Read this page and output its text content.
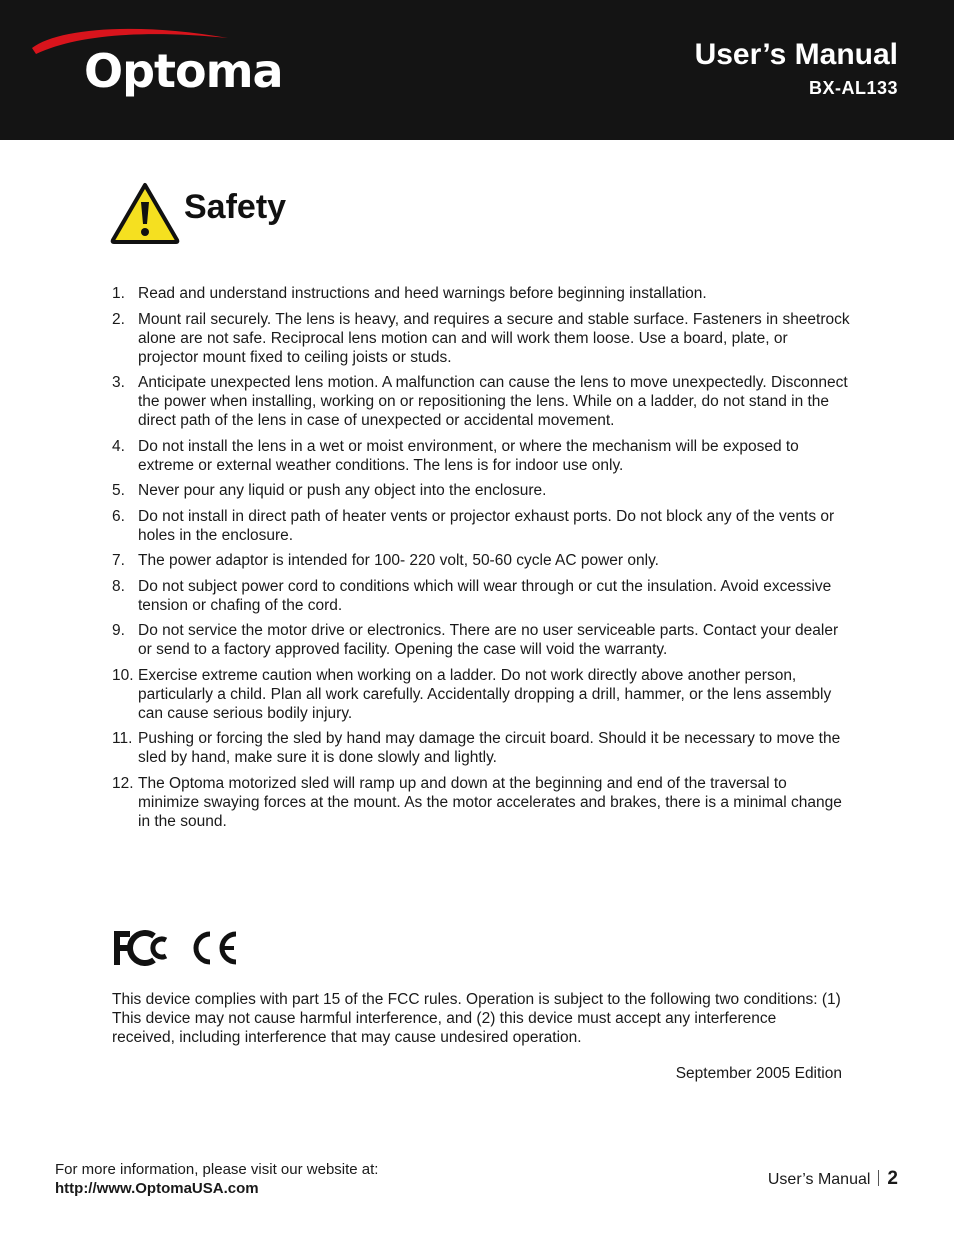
Optoma	User’s Manual
BX-AL133
Safety
1. Read and understand instructions and heed warnings before beginning installation.
2. Mount rail securely. The lens is heavy, and requires a secure and stable surface. Fasteners in sheetrock alone are not safe. Reciprocal lens motion can and will work them loose. Use a board, plate, or projector mount fixed to ceiling joists or studs.
3. Anticipate unexpected lens motion. A malfunction can cause the lens to move unexpectedly. Disconnect the power when installing, working on or repositioning the lens. While on a ladder, do not stand in the direct path of the lens in case of unexpected or accidental movement.
4. Do not install the lens in a wet or moist environment, or where the mechanism will be exposed to extreme or external weather conditions. The lens is for indoor use only.
5. Never pour any liquid or push any object into the enclosure.
6. Do not install in direct path of heater vents or projector exhaust ports. Do not block any of the vents or holes in the enclosure.
7. The power adaptor is intended for 100- 220 volt, 50-60 cycle AC power only.
8. Do not subject power cord to conditions which will wear through or cut the insulation. Avoid excessive tension or chafing of the cord.
9. Do not service the motor drive or electronics. There are no user serviceable parts. Contact your dealer or send to a factory approved facility. Opening the case will void the warranty.
10. Exercise extreme caution when working on a ladder. Do not work directly above another person, particularly a child. Plan all work carefully. Accidentally dropping a drill, hammer, or the lens assembly can cause serious bodily injury.
11. Pushing or forcing the sled by hand may damage the circuit board. Should it be necessary to move the sled by hand, make sure it is done slowly and lightly.
12. The Optoma motorized sled will ramp up and down at the beginning and end of the traversal to minimize swaying forces at the mount. As the motor accelerates and brakes, there is a minimal change in the sound.
This device complies with part 15 of the FCC rules. Operation is subject to the following two conditions: (1) This device may not cause harmful interference, and (2) this device must accept any interference received, including interference that may cause undesired operation.
September 2005 Edition
For more information, please visit our website at:
http://www.OptomaUSA.com
User’s Manual 2
